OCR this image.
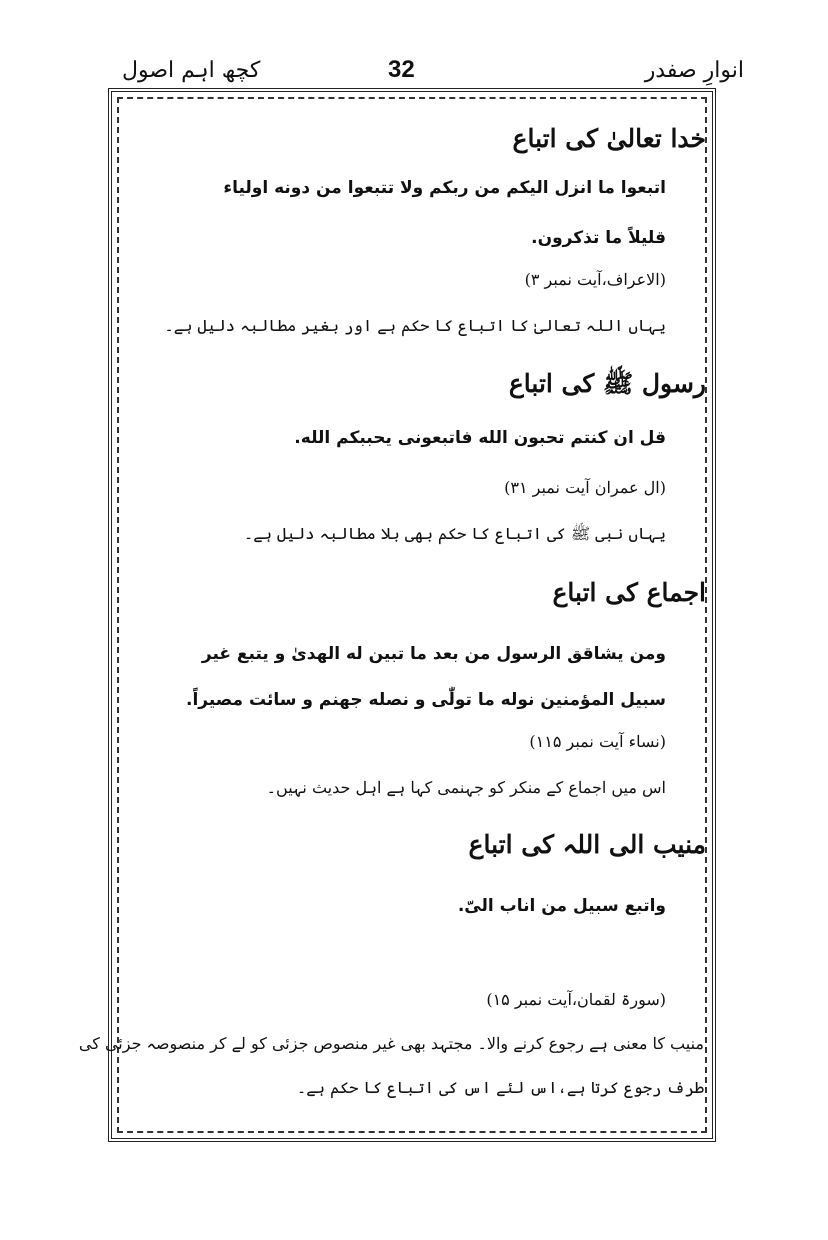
انوارِ صفدر
32
کچھ اہم اصول
خدا تعالیٰ کی اتباع
اتبعوا ما انزل الیکم من ربکم ولا تتبعوا من دونه اولیاء
قلیلاً ما تذکرون.
(الاعراف،آیت نمبر ۳)
یہاں اللہ تعالیٰ کا اتباع کا حکم ہے اور بغیر مطالبہ دلیل ہے۔
رسول ﷺ کی اتباع
قل ان کنتم تحبون الله فاتبعونی یحببکم الله.
(ال عمران آیت نمبر ۳۱)
یہاں نبی ﷺ کی اتباع کا حکم بھی بلا مطالبہ دلیل ہے۔
اجماع کی اتباع
ومن یشاقق الرسول من بعد ما تبین له الهدیٰ و یتبع غیر
سبیل المؤمنین نوله ما تولّٰی و نصله جهنم و سائت مصیراً.
(نساء آیت نمبر ۱۱۵)
اس میں اجماع کے منکر کو جہنمی کہا ہے اہل حدیث نہیں۔
منیب الی اللہ کی اتباع
واتبع سبیل من اناب الیّ.
(سورۃ لقمان،آیت نمبر ۱۵)
منیب کا معنی ہے رجوع کرنے والا۔ مجتہد بھی غیر منصوص جزئی کو لے کر منصوصہ جزئی کی
طرف رجوع کرتا ہے،اس لئے اس کی اتباع کا حکم ہے۔
